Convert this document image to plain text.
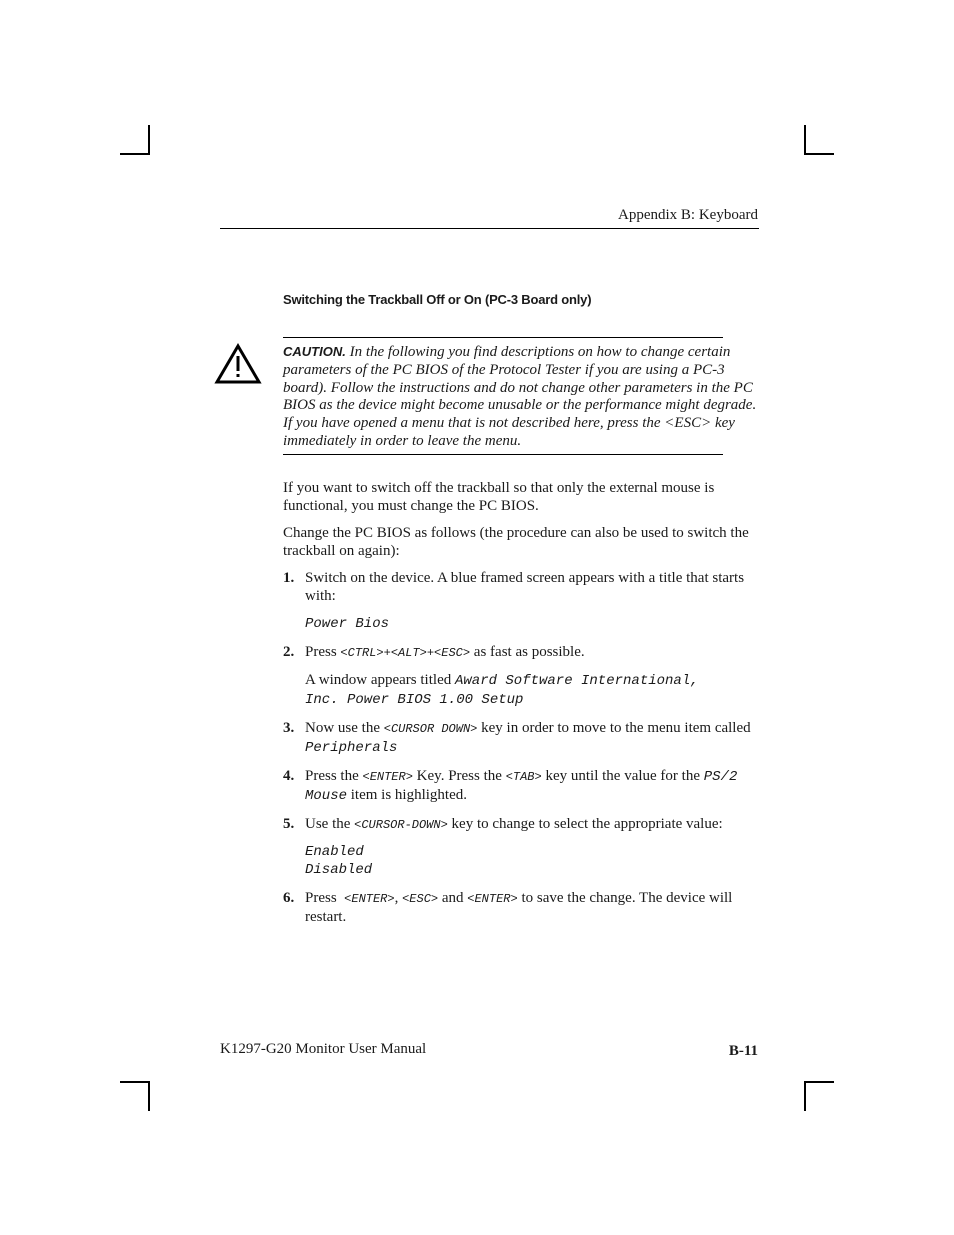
Appendix B: Keyboard
Switching the Trackball Off or On (PC-3 Board only)
CAUTION. In the following you find descriptions on how to change certain parameters of the PC BIOS of the Protocol Tester if you are using a PC-3 board). Follow the instructions and do not change other parameters in the PC BIOS as the device might become unusable or the performance might degrade. If you have opened a menu that is not described here, press the <ESC> key immediately in order to leave the menu.

If you want to switch off the trackball so that only the external mouse is functional, you must change the PC BIOS.

Change the PC BIOS as follows (the procedure can also be used to switch the trackball on again):

1. Switch on the device. A blue framed screen appears with a title that starts with:

Power Bios

2. Press <CTRL>+<ALT>+<ESC> as fast as possible.

A window appears titled Award Software International,
Inc. Power BIOS 1.00 Setup

3. Now use the <CURSOR DOWN> key in order to move to the menu item called Peripherals

4. Press the <ENTER> Key. Press the <TAB> key until the value for the PS/2 Mouse item is highlighted.

5. Use the <CURSOR-DOWN> key to change to select the appropriate value:

Enabled
Disabled

6. Press  <ENTER>, <ESC> and <ENTER> to save the change. The device will restart.

K1297-G20 Monitor User Manual	B-11
